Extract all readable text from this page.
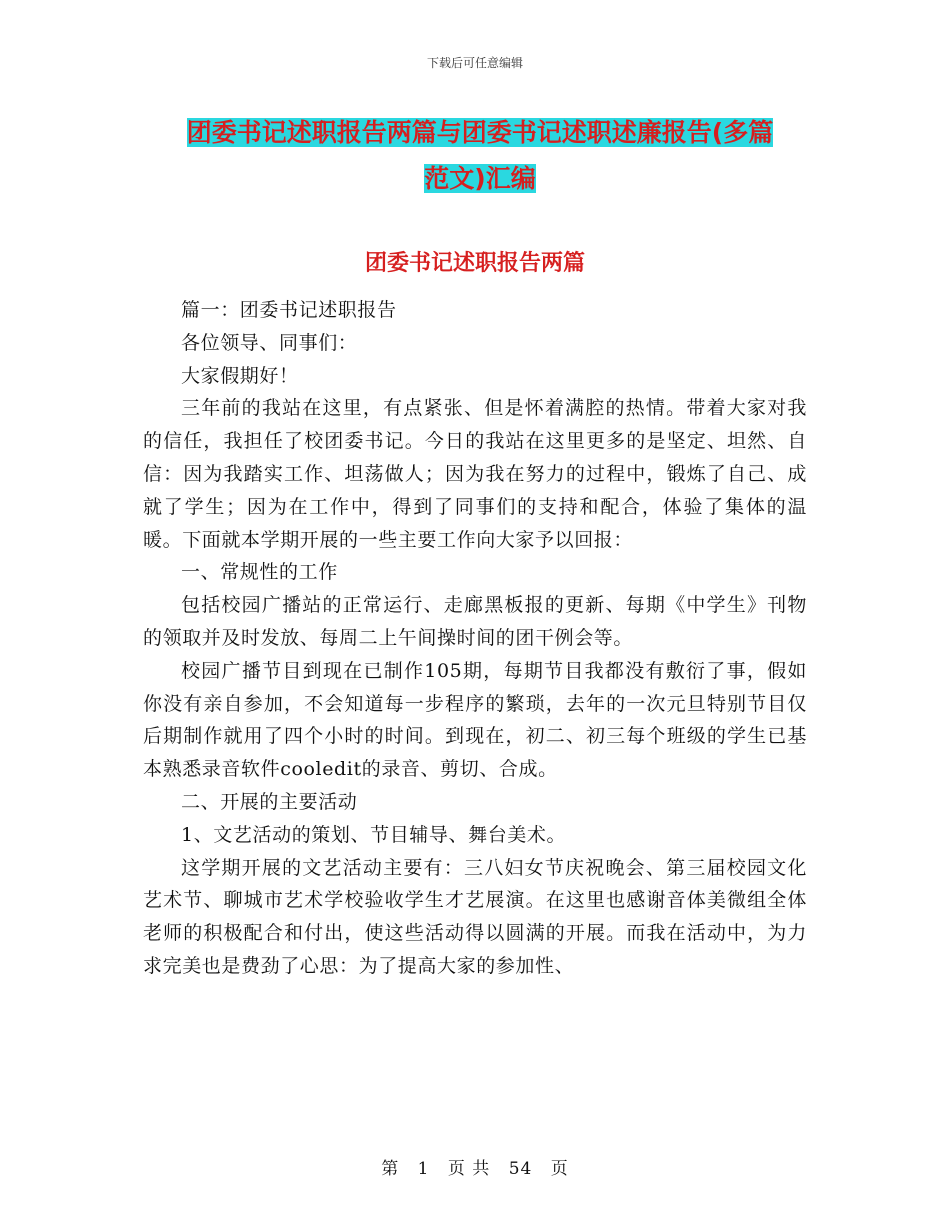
下载后可任意编辑
团委书记述职报告两篇与团委书记述职述廉报告(多篇
范文)汇编
团委书记述职报告两篇

篇一：团委书记述职报告

各位领导、同事们：

大家假期好！

三年前的我站在这里，有点紧张、但是怀着满腔的热情。带着大家对我的信任，我担任了校团委书记。今日的我站在这里更多的是坚定、坦然、自信：因为我踏实工作、坦荡做人；因为我在努力的过程中，锻炼了自己、成就了学生；因为在工作中，得到了同事们的支持和配合，体验了集体的温暖。下面就本学期开展的一些主要工作向大家予以回报：

一、常规性的工作

包括校园广播站的正常运行、走廊黑板报的更新、每期《中学生》刊物的领取并及时发放、每周二上午间操时间的团干例会等。

校园广播节目到现在已制作105期，每期节目我都没有敷衍了事，假如你没有亲自参加，不会知道每一步程序的繁琐，去年的一次元旦特别节目仅后期制作就用了四个小时的时间。到现在，初二、初三每个班级的学生已基本熟悉录音软件cooledit的录音、剪切、合成。

二、开展的主要活动

1、文艺活动的策划、节目辅导、舞台美术。

这学期开展的文艺活动主要有：三八妇女节庆祝晚会、第三届校园文化艺术节、聊城市艺术学校验收学生才艺展演。在这里也感谢音体美微组全体老师的积极配合和付出，使这些活动得以圆满的开展。而我在活动中，为力求完美也是费劲了心思：为了提高大家的参加性、

第 1 页 共 54 页
